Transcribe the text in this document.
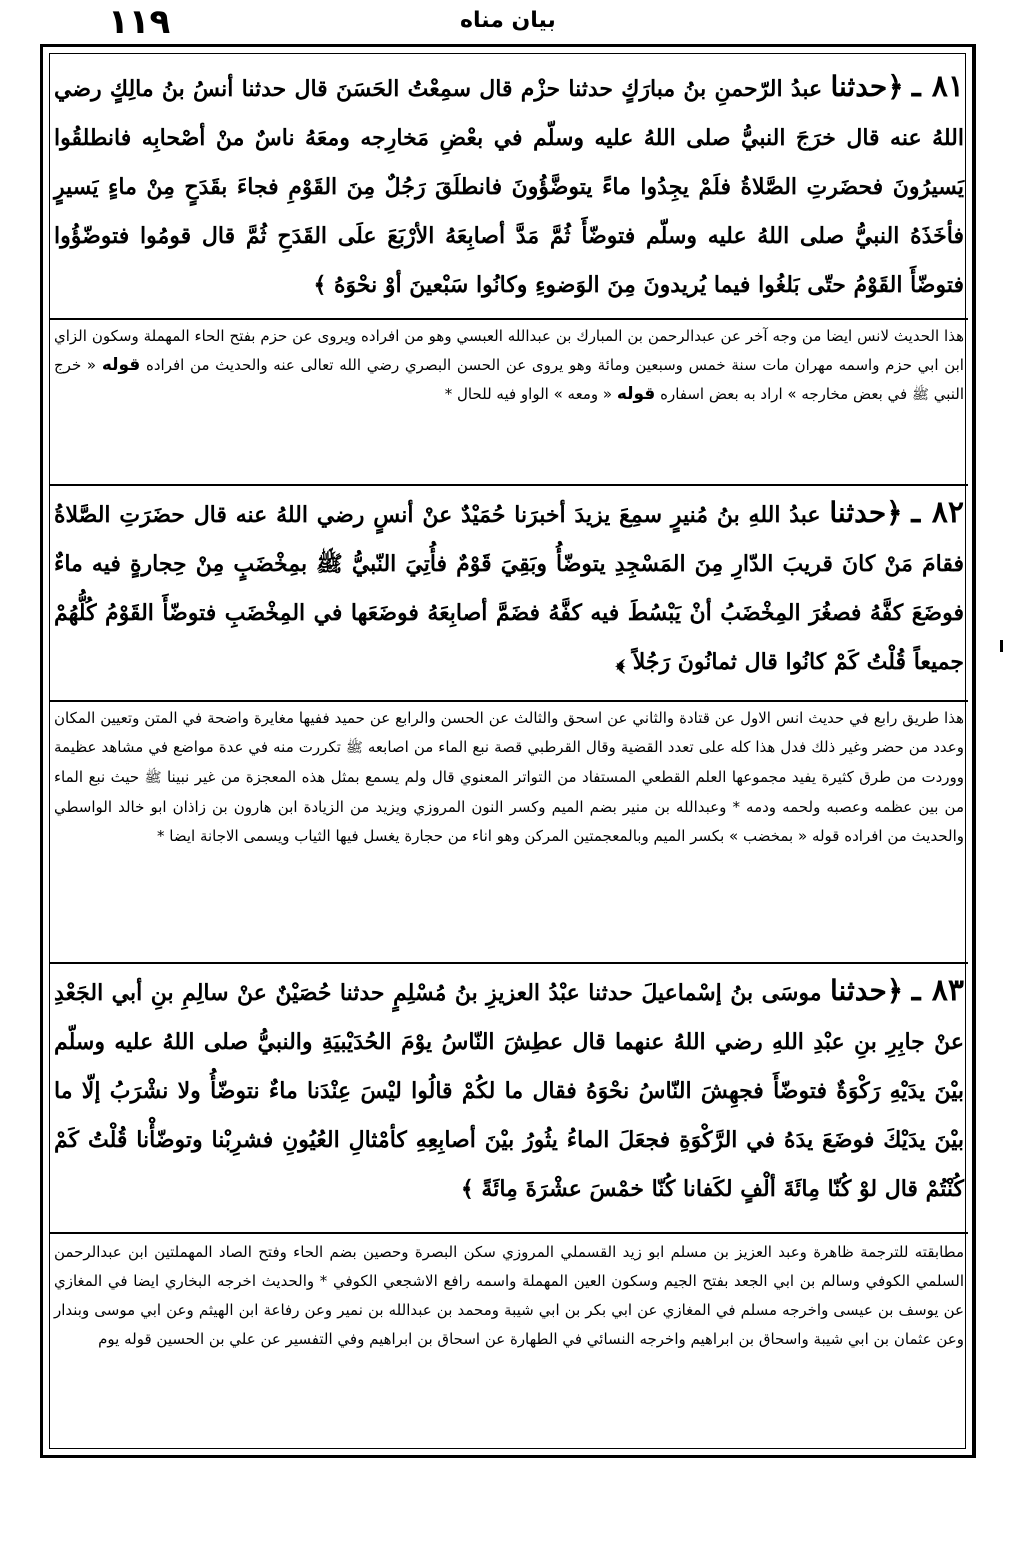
١١٩	بيان مناه
٨١ ـ ﴿حدثنا عبدُ الرّحمنِ بنُ مبارَكٍ حدثنا حزْم قال سمِعْتُ الحَسَنَ قال حدثنا أنسُ بنُ مالِكٍ رضي اللهُ عنه قال خرَجَ النبيُّ صلى اللهُ عليه وسلّم في بعْضِ مَخارِجه ومعَهُ ناسٌ منْ أصْحابِه فانطلقُوا يَسيرُونَ فحضَرتِ الصَّلاةُ فلَمْ يجِدُوا ماءً يتوضَّؤُونَ فانطلَقَ رَجُلٌ مِنَ القَوْمِ فجاءَ بقَدَحٍ مِنْ ماءٍ يَسيرٍ فأخَذَهُ النبيُّ صلى اللهُ عليه وسلّم فتوضّأَ ثُمَّ مَدَّ أصابِعَهُ الأرْبَعَ علَى القَدَحِ ثُمَّ قال قومُوا فتوضّؤُوا فتوضّأَ القَوْمُ حتّى بَلغُوا فيما يُريدونَ مِنَ الوَضوءِ وكانُوا سَبْعينَ أوْ نحْوَهُ ﴾
هذا الحديث لانس ايضا من وجه آخر عن عبدالرحمن بن المبارك بن عبدالله العبسي وهو من افراده ويروى عن حزم بفتح الحاء المهملة وسكون الزاي ابن ابي حزم واسمه مهران مات سنة خمس وسبعين ومائة وهو يروى عن الحسن البصري رضي الله تعالى عنه والحديث من افراده قوله « خرج النبي ﷺ في بعض مخارجه » اراد به بعض اسفاره قوله « ومعه » الواو فيه للحال *
٨٢ ـ ﴿حدثنا عبدُ اللهِ بنُ مُنيرٍ سمِعَ يزيدَ أخبرَنا حُمَيْدٌ عنْ أنسٍ رضي اللهُ عنه قال حضَرَتِ الصَّلاةُ فقامَ مَنْ كانَ قريبَ الدّارِ مِنَ المَسْجِدِ يتوضّأُ وبَقِيَ قَوْمٌ فأُتِيَ النّبيُّ ﷺ بمِخْضَبٍ مِنْ حِجارةٍ فيه ماءٌ فوضَعَ كفَّهُ فصغُرَ المِخْضَبُ أنْ يَبْسُطَ فيه كفَّهُ فضَمَّ أصابِعَهُ فوضَعَها في المِخْضَبِ فتوضّأَ القَوْمُ كُلُّهُمْ جميعاً قُلْتُ كَمْ كانُوا قال ثمانُونَ رَجُلاً ﴾
هذا طريق رابع في حديث انس الاول عن قتادة والثاني عن اسحق والثالث عن الحسن والرابع عن حميد ففيها مغايرة واضحة في المتن وتعيين المكان وعدد من حضر وغير ذلك فدل هذا كله على تعدد القضية وقال القرطبي قصة نبع الماء من اصابعه ﷺ تكررت منه في عدة مواضع في مشاهد عظيمة ووردت من طرق كثيرة يفيد مجموعها العلم القطعي المستفاد من التواتر المعنوي قال ولم يسمع بمثل هذه المعجزة من غير نبينا ﷺ حيث نبع الماء من بين عظمه وعصبه ولحمه ودمه * وعبدالله بن منير بضم الميم وكسر النون المروزي ويزيد من الزيادة ابن هارون بن زاذان ابو خالد الواسطي والحديث من افراده قوله « بمخضب » بكسر الميم وبالمعجمتين المركن وهو اناء من حجارة يغسل فيها الثياب ويسمى الاجانة ايضا *
٨٣ ـ ﴿حدثنا موسَى بنُ إسْماعيلَ حدثنا عبْدُ العزيزِ بنُ مُسْلِمٍ حدثنا حُصَيْنٌ عنْ سالِمِ بنِ أبي الجَعْدِ عنْ جابِرِ بنِ عبْدِ اللهِ رضي اللهُ عنهما قال عطِشَ النّاسُ يوْمَ الحُدَيْبيَةِ والنبيُّ صلى اللهُ عليه وسلّم بيْنَ يدَيْهِ رَكْوَةٌ فتوضّأَ فجهِشَ النّاسُ نحْوَهُ فقال ما لكُمْ قالُوا ليْسَ عِنْدَنا ماءٌ نتوضّأُ ولا نشْرَبُ إلّا ما بيْنَ يدَيْكَ فوضَعَ يدَهُ في الرَّكْوَةِ فجعَلَ الماءُ يثُورُ بيْنَ أصابِعِهِ كأمْثالِ العُيُونِ فشرِبْنا وتوضّأْنا قُلْتُ كَمْ كُنْتُمْ قال لوْ كُنّا مِائَةَ ألْفٍ لكَفانا كُنّا خمْسَ عشْرَةَ مِائَةً ﴾
مطابقته للترجمة ظاهرة وعبد العزيز بن مسلم ابو زيد القسملي المروزي سكن البصرة وحصين بضم الحاء وفتح الصاد المهملتين ابن عبدالرحمن السلمي الكوفي وسالم بن ابي الجعد بفتح الجيم وسكون العين المهملة واسمه رافع الاشجعي الكوفي * والحديث اخرجه البخاري ايضا في المغازي عن يوسف بن عيسى واخرجه مسلم في المغازي عن ابي بكر بن ابي شيبة ومحمد بن عبدالله بن نمير وعن رفاعة ابن الهيثم وعن ابي موسى وبندار وعن عثمان بن ابي شيبة واسحاق بن ابراهيم واخرجه النسائي في الطهارة عن اسحاق بن ابراهيم وفي التفسير عن علي بن الحسين قوله يوم
